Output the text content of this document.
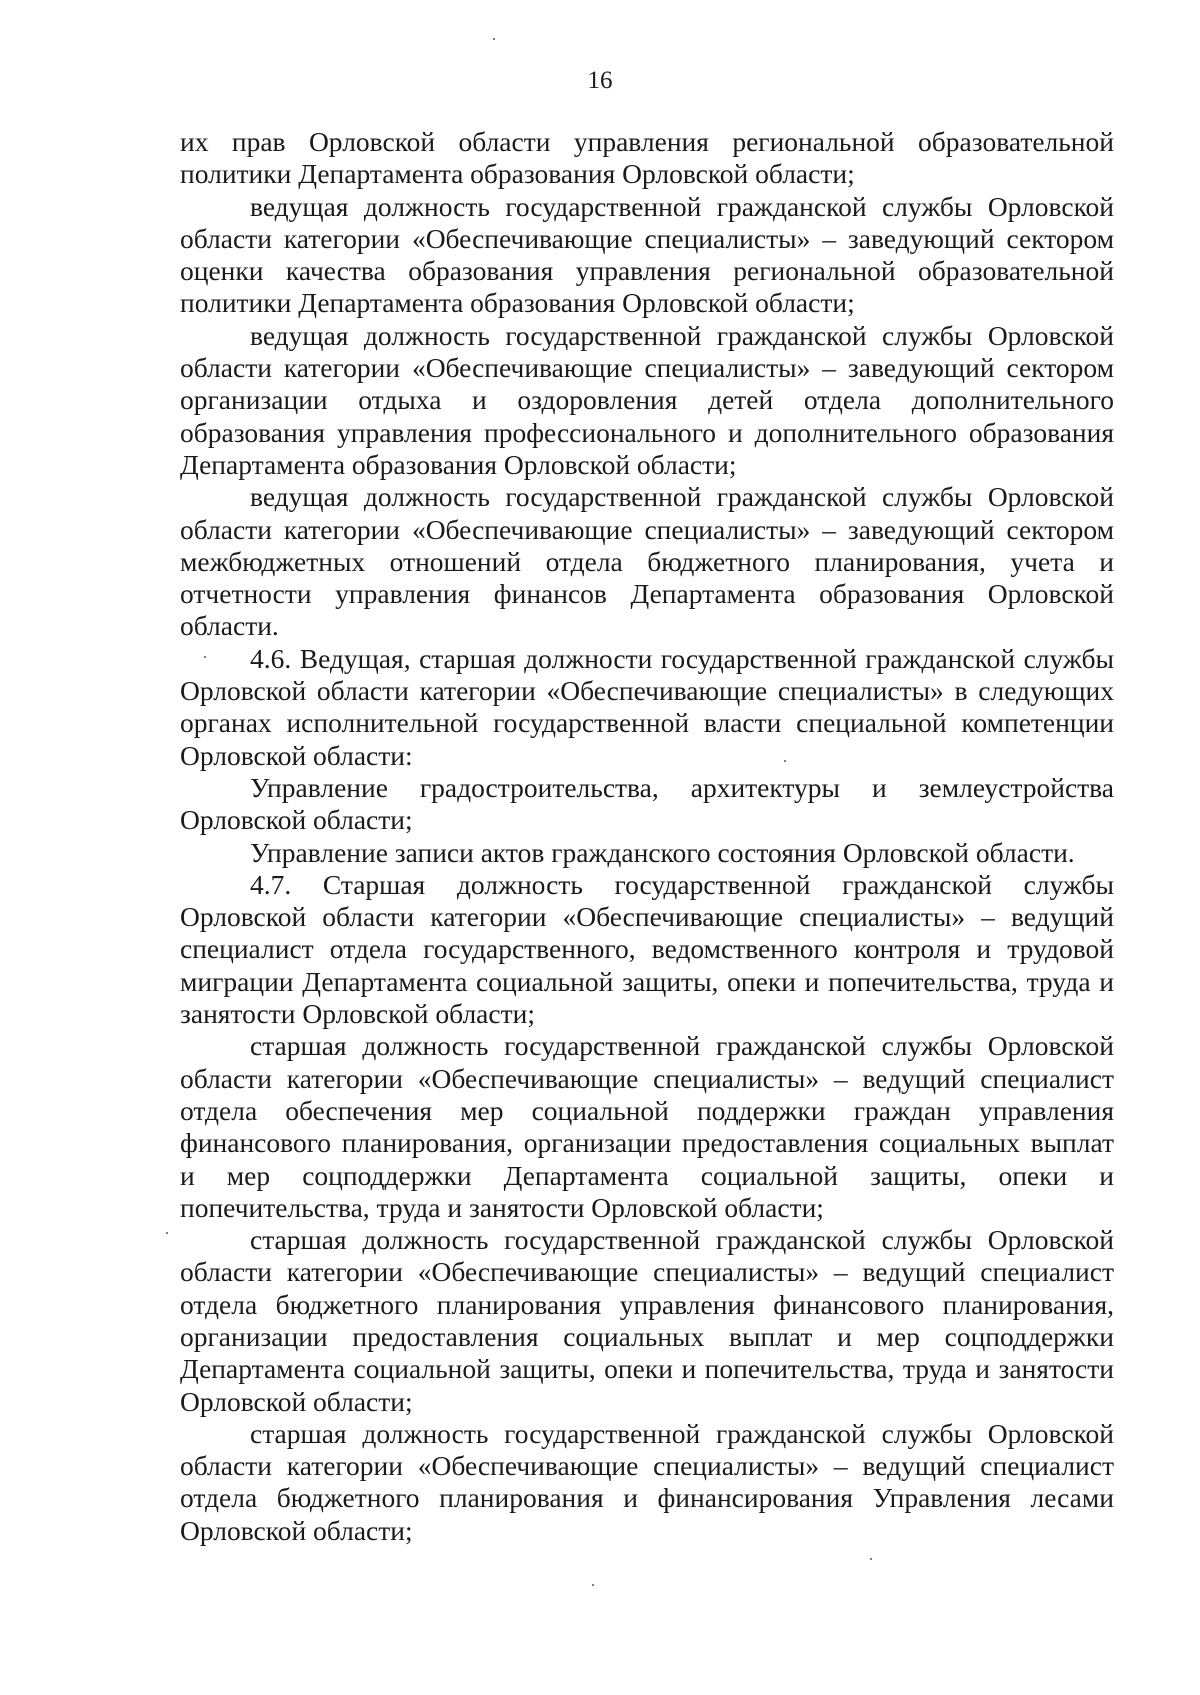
16

их прав Орловской области управления региональной образовательной политики Департамента образования Орловской области;

ведущая должность государственной гражданской службы Орловской области категории «Обеспечивающие специалисты» – заведующий сектором оценки качества образования управления региональной образовательной политики Департамента образования Орловской области;

ведущая должность государственной гражданской службы Орловской области категории «Обеспечивающие специалисты» – заведующий сектором организации отдыха и оздоровления детей отдела дополнительного образования управления профессионального и дополнительного образования Департамента образования Орловской области;

ведущая должность государственной гражданской службы Орловской области категории «Обеспечивающие специалисты» – заведующий сектором межбюджетных отношений отдела бюджетного планирования, учета и отчетности управления финансов Департамента образования Орловской области.

4.6. Ведущая, старшая должности государственной гражданской службы Орловской области категории «Обеспечивающие специалисты» в следующих органах исполнительной государственной власти специальной компетенции Орловской области:

Управление градостроительства, архитектуры и землеустройства Орловской области;

Управление записи актов гражданского состояния Орловской области.

4.7. Старшая должность государственной гражданской службы Орловской области категории «Обеспечивающие специалисты» – ведущий специалист отдела государственного, ведомственного контроля и трудовой миграции Департамента социальной защиты, опеки и попечительства, труда и занятости Орловской области;

старшая должность государственной гражданской службы Орловской области категории «Обеспечивающие специалисты» – ведущий специалист отдела обеспечения мер социальной поддержки граждан управления финансового планирования, организации предоставления социальных выплат и мер соцподдержки Департамента социальной защиты, опеки и попечительства, труда и занятости Орловской области;

старшая должность государственной гражданской службы Орловской области категории «Обеспечивающие специалисты» – ведущий специалист отдела бюджетного планирования управления финансового планирования, организации предоставления социальных выплат и мер соцподдержки Департамента социальной защиты, опеки и попечительства, труда и занятости Орловской области;

старшая должность государственной гражданской службы Орловской области категории «Обеспечивающие специалисты» – ведущий специалист отдела бюджетного планирования и финансирования Управления лесами Орловской области;
